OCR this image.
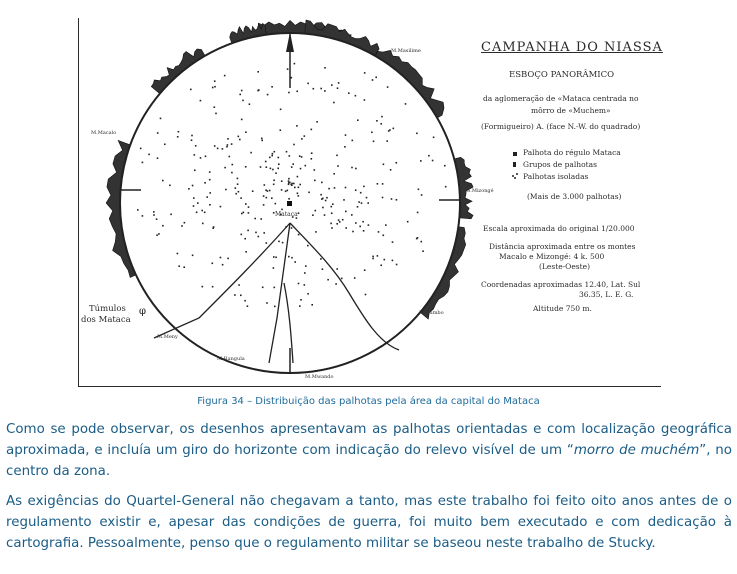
φ
CAMPANHA DO NIASSA
ESBOÇO PANORÂMICO
da aglomeração de «Mataca centrada no
môrro de «Muchem»
(Formigueiro) A. (face N.-W. do quadrado)
Palhota do régulo Mataca
Grupos de palhotas
Palhotas isoladas
(Mais de 3.000 palhotas)
Escala aproximada do original 1/20.000
Distância aproximada entre os montes
Macalo e Mizongé: 4 k. 500
(Leste-Oeste)
Coordenadas aproximadas 12.40, Lat. Sul
36.35, L. E. G.
Altitude 750 m.
Túmulos
dos Mataca
Mataca
M.Masilime
M.Macalo
M.Meny
S.Mizongé
M.Rumbo
M.Mwando
M.Rangula
Figura 34 – Distribuição das palhotas pela área da capital do Mataca

Como se pode observar, os desenhos apresentavam as palhotas orientadas e com localização geográfica aproximada, e incluía um giro do horizonte com indicação do relevo visível de um “morro de muchém”, no centro da zona.

As exigências do Quartel-General não chegavam a tanto, mas este trabalho foi feito oito anos antes de o regulamento existir e, apesar das condições de guerra, foi muito bem executado e com dedicação à cartografia. Pessoalmente, penso que o regulamento militar se baseou neste trabalho de Stucky.
